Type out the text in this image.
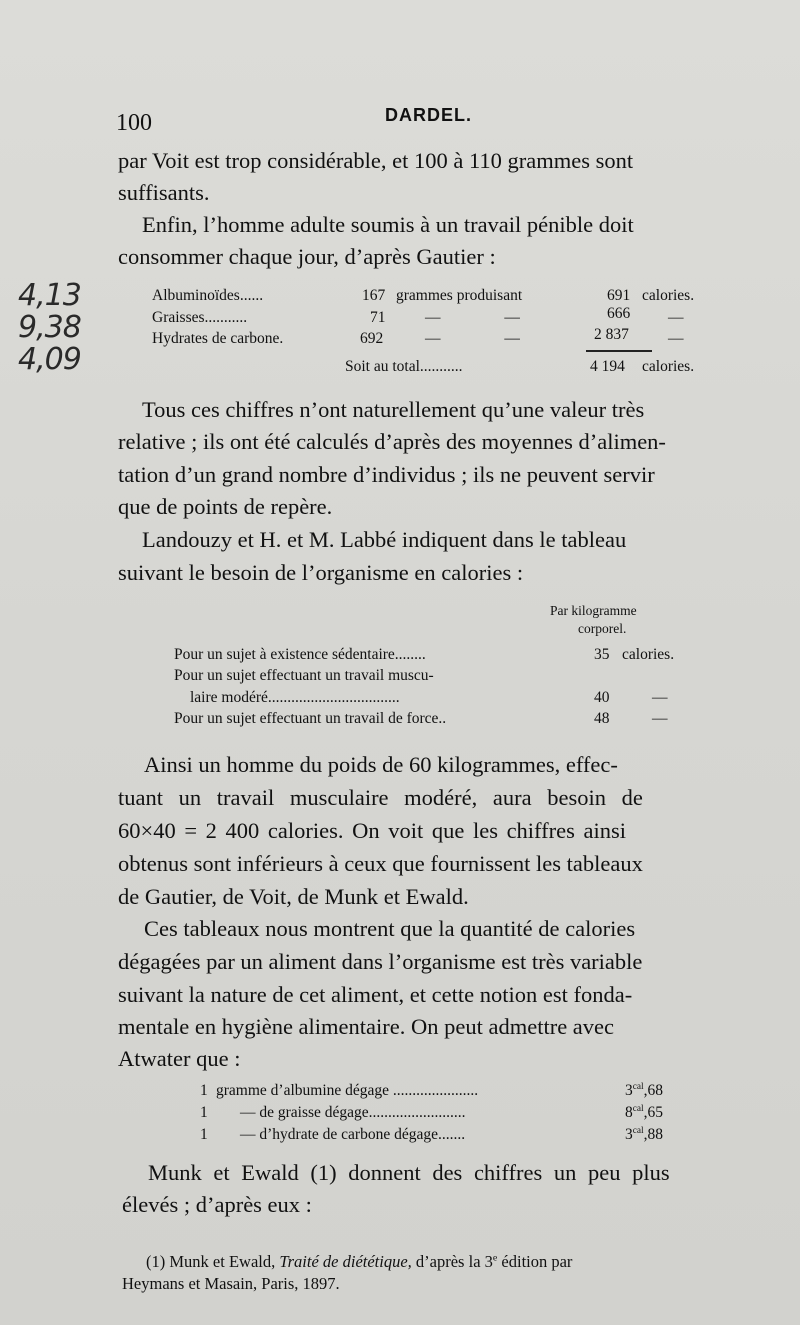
100	DARDEL.
4,13
9,38
4,09
par Voit est trop considérable, et 100 à 110 grammes sont
suffisants.
Enfin, l’homme adulte soumis à un travail pénible doit
consommer chaque jour, d’après Gautier :
Albuminoïdes......	167 grammes produisant	691 calories.
Graisses...........	71	— —	666 —
Hydrates de carbone.	692	— —	2 837	—
Soit au total...........	4 194 calories.
Tous ces chiffres n’ont naturellement qu’une valeur très
relative ; ils ont été calculés d’après des moyennes d’alimen-
tation d’un grand nombre d’individus ; ils ne peuvent servir
que de points de repère.
Landouzy et H. et M. Labbé indiquent dans le tableau
suivant le besoin de l’organisme en calories :
Par kilogramme
corporel.
Pour un sujet à existence sédentaire........	35 calories.
Pour un sujet effectuant un travail muscu-
laire modéré..................................	40	—
Pour un sujet effectuant un travail de force..	48	—
Ainsi un homme du poids de 60 kilogrammes, effec-
tuant un travail musculaire modéré, aura besoin de
60×40 = 2 400 calories. On voit que les chiffres ainsi
obtenus sont inférieurs à ceux que fournissent les tableaux
de Gautier, de Voit, de Munk et Ewald.
Ces tableaux nous montrent que la quantité de calories
dégagées par un aliment dans l’organisme est très variable
suivant la nature de cet aliment, et cette notion est fonda-
mentale en hygiène alimentaire. On peut admettre avec
Atwater que :
1 gramme d’albumine dégage ......................	$3^{cal},68$
1 — de graisse dégage.........................	$8^{cal},65$
1 — d’hydrate de carbone dégage.......	$3^{cal},88$
Munk et Ewald (1) donnent des chiffres un peu plus
élevés ; d’après eux :
(1) Munk et Ewald, Traité de diététique, d’après la 3e édition par
Heymans et Masain, Paris, 1897.
